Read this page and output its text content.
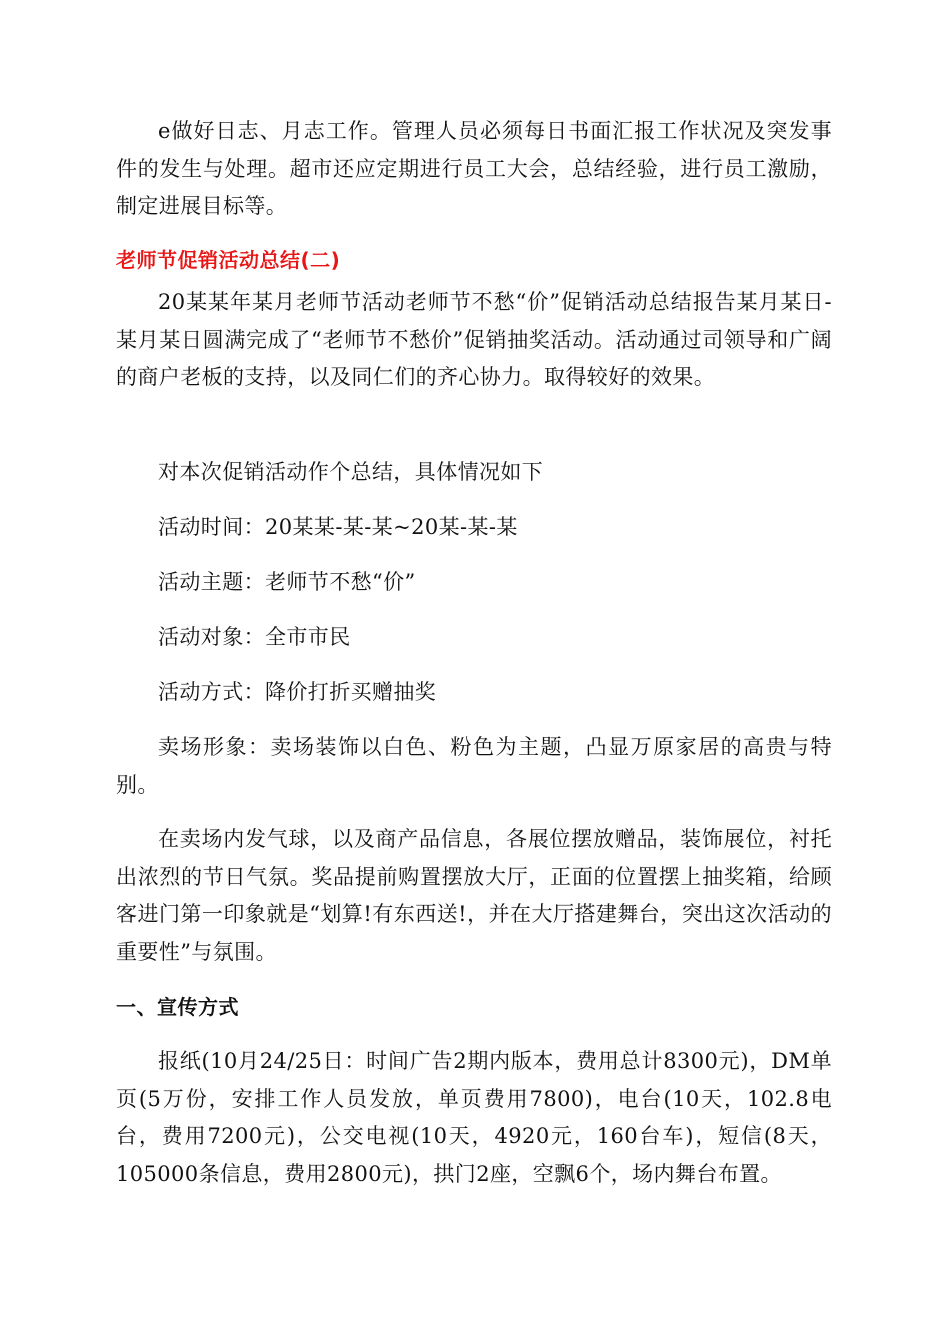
e做好日志、月志工作。管理人员必须每日书面汇报工作状况及突发事件的发生与处理。超市还应定期进行员工大会，总结经验，进行员工激励，制定进展目标等。

老师节促销活动总结(二)

20某某年某月老师节活动老师节不愁“价”促销活动总结报告某月某日-某月某日圆满完成了“老师节不愁价”促销抽奖活动。活动通过司领导和广阔的商户老板的支持，以及同仁们的齐心协力。取得较好的效果。

对本次促销活动作个总结，具体情况如下

活动时间：20某某-某-某~20某-某-某

活动主题：老师节不愁“价”

活动对象：全市市民

活动方式：降价打折买赠抽奖

卖场形象：卖场装饰以白色、粉色为主题，凸显万原家居的高贵与特别。

在卖场内发气球，以及商产品信息，各展位摆放赠品，装饰展位，衬托出浓烈的节日气氛。奖品提前购置摆放大厅，正面的位置摆上抽奖箱，给顾客进门第一印象就是“划算!有东西送!，并在大厅搭建舞台，突出这次活动的重要性”与氛围。

一、宣传方式

报纸(10月24/25日：时间广告2期内版本，费用总计8300元)，DM单页(5万份，安排工作人员发放，单页费用7800)，电台(10天，102.8电台，费用7200元)，公交电视(10天，4920元，160台车)，短信(8天，105000条信息，费用2800元)，拱门2座，空飘6个，场内舞台布置。
